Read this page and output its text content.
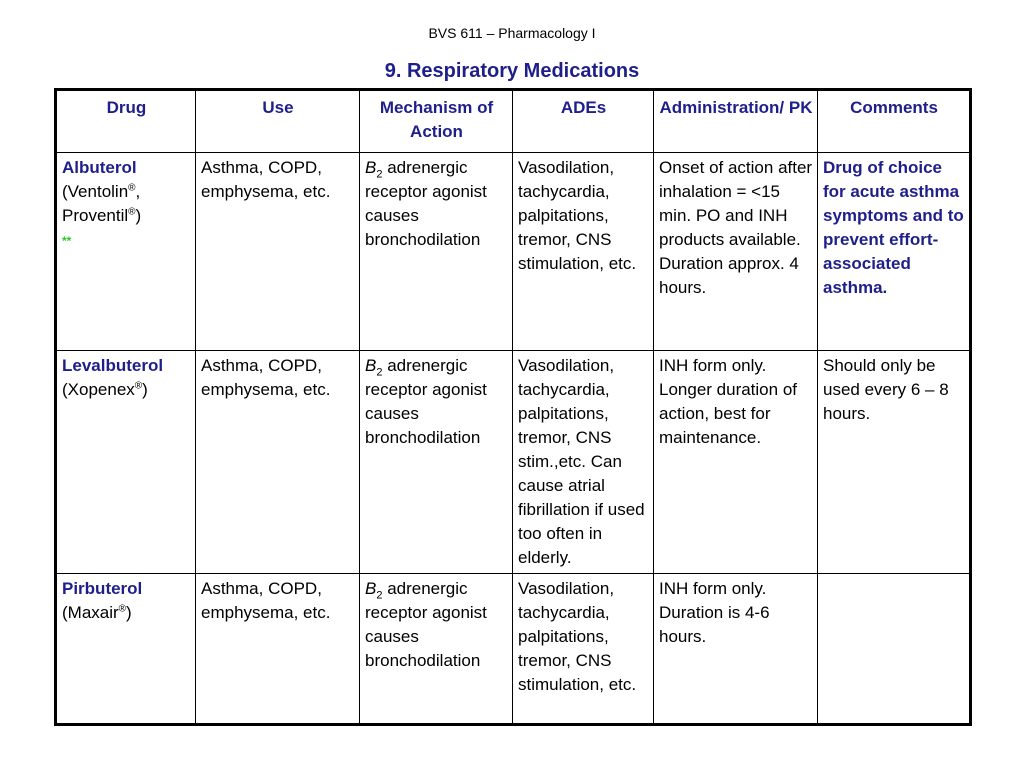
BVS 611 – Pharmacology I
9. Respiratory Medications
Drug	Use	Mechanism of Action	ADEs	Administration/ PK	Comments
Albuterol
(Ventolin®,
Proventil®)
**	Asthma, COPD, emphysema, etc.	$B_2$ adrenergic receptor agonist causes bronchodilation	Vasodilation, tachycardia, palpitations, tremor, CNS stimulation, etc.	Onset of action after inhalation = <15 min. PO and INH products available. Duration approx. 4 hours.	Drug of choice for acute asthma symptoms and to prevent effort-associated asthma.
Levalbuterol
(Xopenex®)	Asthma, COPD, emphysema, etc.	$B_2$ adrenergic receptor agonist causes bronchodilation	Vasodilation, tachycardia, palpitations, tremor, CNS stim.,etc. Can cause atrial fibrillation if used too often in elderly.	INH form only. Longer duration of action, best for maintenance.	Should only be used every 6 – 8 hours.
Pirbuterol
(Maxair®)	Asthma, COPD, emphysema, etc.	$B_2$ adrenergic receptor agonist causes bronchodilation	Vasodilation, tachycardia, palpitations, tremor, CNS stimulation, etc.	INH form only. Duration is 4-6 hours.	
